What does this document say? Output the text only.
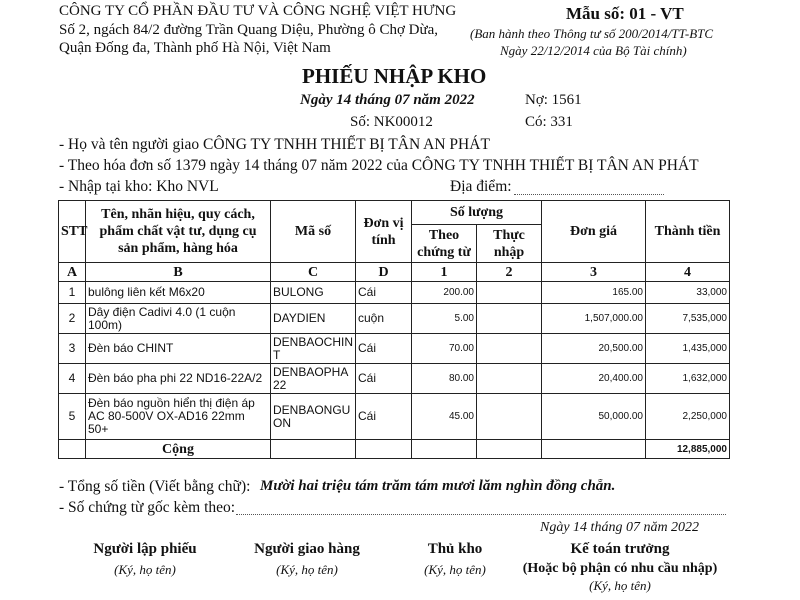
CÔNG TY CỔ PHẦN ĐẦU TƯ VÀ CÔNG NGHỆ VIỆT HƯNG
Số 2, ngách 84/2 đường Trần Quang Diệu, Phường ô Chợ Dừa,
Quận Đống đa, Thành phố Hà Nội, Việt Nam
Mẫu số: 01 - VT
(Ban hành theo Thông tư số 200/2014/TT-BTC
Ngày 22/12/2014 của Bộ Tài chính)
PHIẾU NHẬP KHO
Ngày 14 tháng 07 năm 2022	Nợ: 1561
Số: NK00012	Có: 331
- Họ và tên người giao CÔNG TY TNHH THIẾT BỊ TÂN AN PHÁT
- Theo hóa đơn số 1379 ngày 14 tháng 07 năm 2022 của CÔNG TY TNHH THIẾT BỊ TÂN AN PHÁT
- Nhập tại kho: Kho NVL	Địa điểm:
STT	Tên, nhãn hiệu, quy cách, phẩm chất vật tư, dụng cụ sản phẩm, hàng hóa	Mã số	Đơn vị tính	Số lượng		Đơn giá	Thành tiền
				Theo chứng từ	Thực nhập		
A	B	C	D	1	2	3	4
1	bulông liên kết M6x20	BULONG	Cái	200.00		165.00	33,000
2	Dây điện Cadivi 4.0 (1 cuộn 100m)	DAYDIEN	cuộn	5.00		1,507,000.00	7,535,000
3	Đèn báo CHINT	DENBAOCHINT	Cái	70.00		20,500.00	1,435,000
4	Đèn báo pha phi 22 ND16-22A/2	DENBAOPHA22	Cái	80.00		20,400.00	1,632,000
5	Đèn báo nguồn hiển thị điện áp AC 80-500V OX-AD16 22mm 50+	DENBAONGUON	Cái	45.00		50,000.00	2,250,000
	Cộng						12,885,000
- Tổng số tiền (Viết bằng chữ): Mười hai triệu tám trăm tám mươi lăm nghìn đồng chẵn.
- Số chứng từ gốc kèm theo:
Ngày 14 tháng 07 năm 2022
Người lập phiếu
(Ký, họ tên)
Người giao hàng
(Ký, họ tên)
Thủ kho
(Ký, họ tên)
Kế toán trưởng
(Hoặc bộ phận có nhu cầu nhập)
(Ký, họ tên)
